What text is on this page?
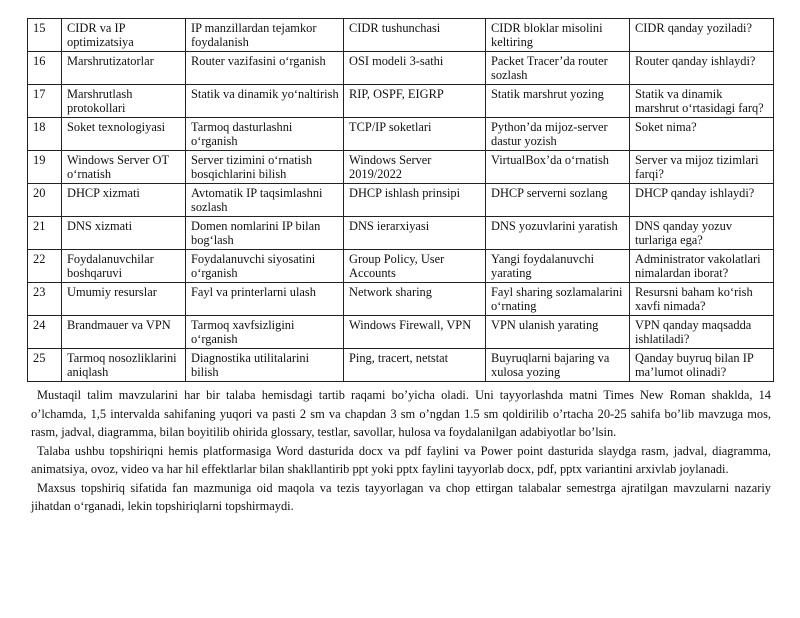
15	CIDR va IP optimizatsiya	IP manzillardan tejamkor foydalanish	CIDR tushunchasi	CIDR bloklar misolini keltiring	CIDR qanday yoziladi?
16	Marshrutizatorlar	Router vazifasini o‘rganish	OSI modeli 3-sathi	Packet Tracer’da router sozlash	Router qanday ishlaydi?
17	Marshrutlash protokollari	Statik va dinamik yo‘naltirish	RIP, OSPF, EIGRP	Statik marshrut yozing	Statik va dinamik marshrut o‘rtasidagi farq?
18	Soket texnologiyasi	Tarmoq dasturlashni o‘rganish	TCP/IP soketlari	Python’da mijoz-server dastur yozish	Soket nima?
19	Windows Server OT o‘rnatish	Server tizimini o‘rnatish bosqichlarini bilish	Windows Server 2019/2022	VirtualBox’da o‘rnatish	Server va mijoz tizimlari farqi?
20	DHCP xizmati	Avtomatik IP taqsimlashni sozlash	DHCP ishlash prinsipi	DHCP serverni sozlang	DHCP qanday ishlaydi?
21	DNS xizmati	Domen nomlarini IP bilan bog‘lash	DNS ierarxiyasi	DNS yozuvlarini yaratish	DNS qanday yozuv turlariga ega?
22	Foydalanuvchilar boshqaruvi	Foydalanuvchi siyosatini o‘rganish	Group Policy, User Accounts	Yangi foydalanuvchi yarating	Administrator vakolatlari nimalardan iborat?
23	Umumiy resurslar	Fayl va printerlarni ulash	Network sharing	Fayl sharing sozlamalarini o‘rnating	Resursni baham ko‘rish xavfi nimada?
24	Brandmauer va VPN	Tarmoq xavfsizligini o‘rganish	Windows Firewall, VPN	VPN ulanish yarating	VPN qanday maqsadda ishlatiladi?
25	Tarmoq nosozliklarini aniqlash	Diagnostika utilitalarini bilish	Ping, tracert, netstat	Buyruqlarni bajaring va xulosa yozing	Qanday buyruq bilan IP ma’lumot olinadi?

Mustaqil talim mavzularini har bir talaba hemisdagi tartib raqami bo’yicha oladi. Uni tayyorlashda matni Times New Roman shaklda, 14 o’lchamda, 1,5 intervalda sahifaning yuqori va pasti 2 sm va chapdan 3 sm o’ngdan 1.5 sm qoldirilib o’rtacha 20-25 sahifa bo’lib mavzuga mos, rasm, jadval, diagramma, bilan boyitilib ohirida glossary, testlar, savollar, hulosa va foydalanilgan adabiyotlar bo’lsin.

Talaba ushbu topshiriqni hemis platformasiga Word dasturida docx va pdf faylini va Power point dasturida slaydga rasm, jadval, diagramma, animatsiya, ovoz, video va har hil effektlarlar bilan shakllantirib ppt yoki pptx faylini tayyorlab docx, pdf, pptx variantini arxivlab joylanadi.

Maxsus topshiriq sifatida fan mazmuniga oid maqola va tezis tayyorlagan va chop ettirgan talabalar semestrga ajratilgan mavzularni nazariy jihatdan o‘rganadi, lekin topshiriqlarni topshirmaydi.
